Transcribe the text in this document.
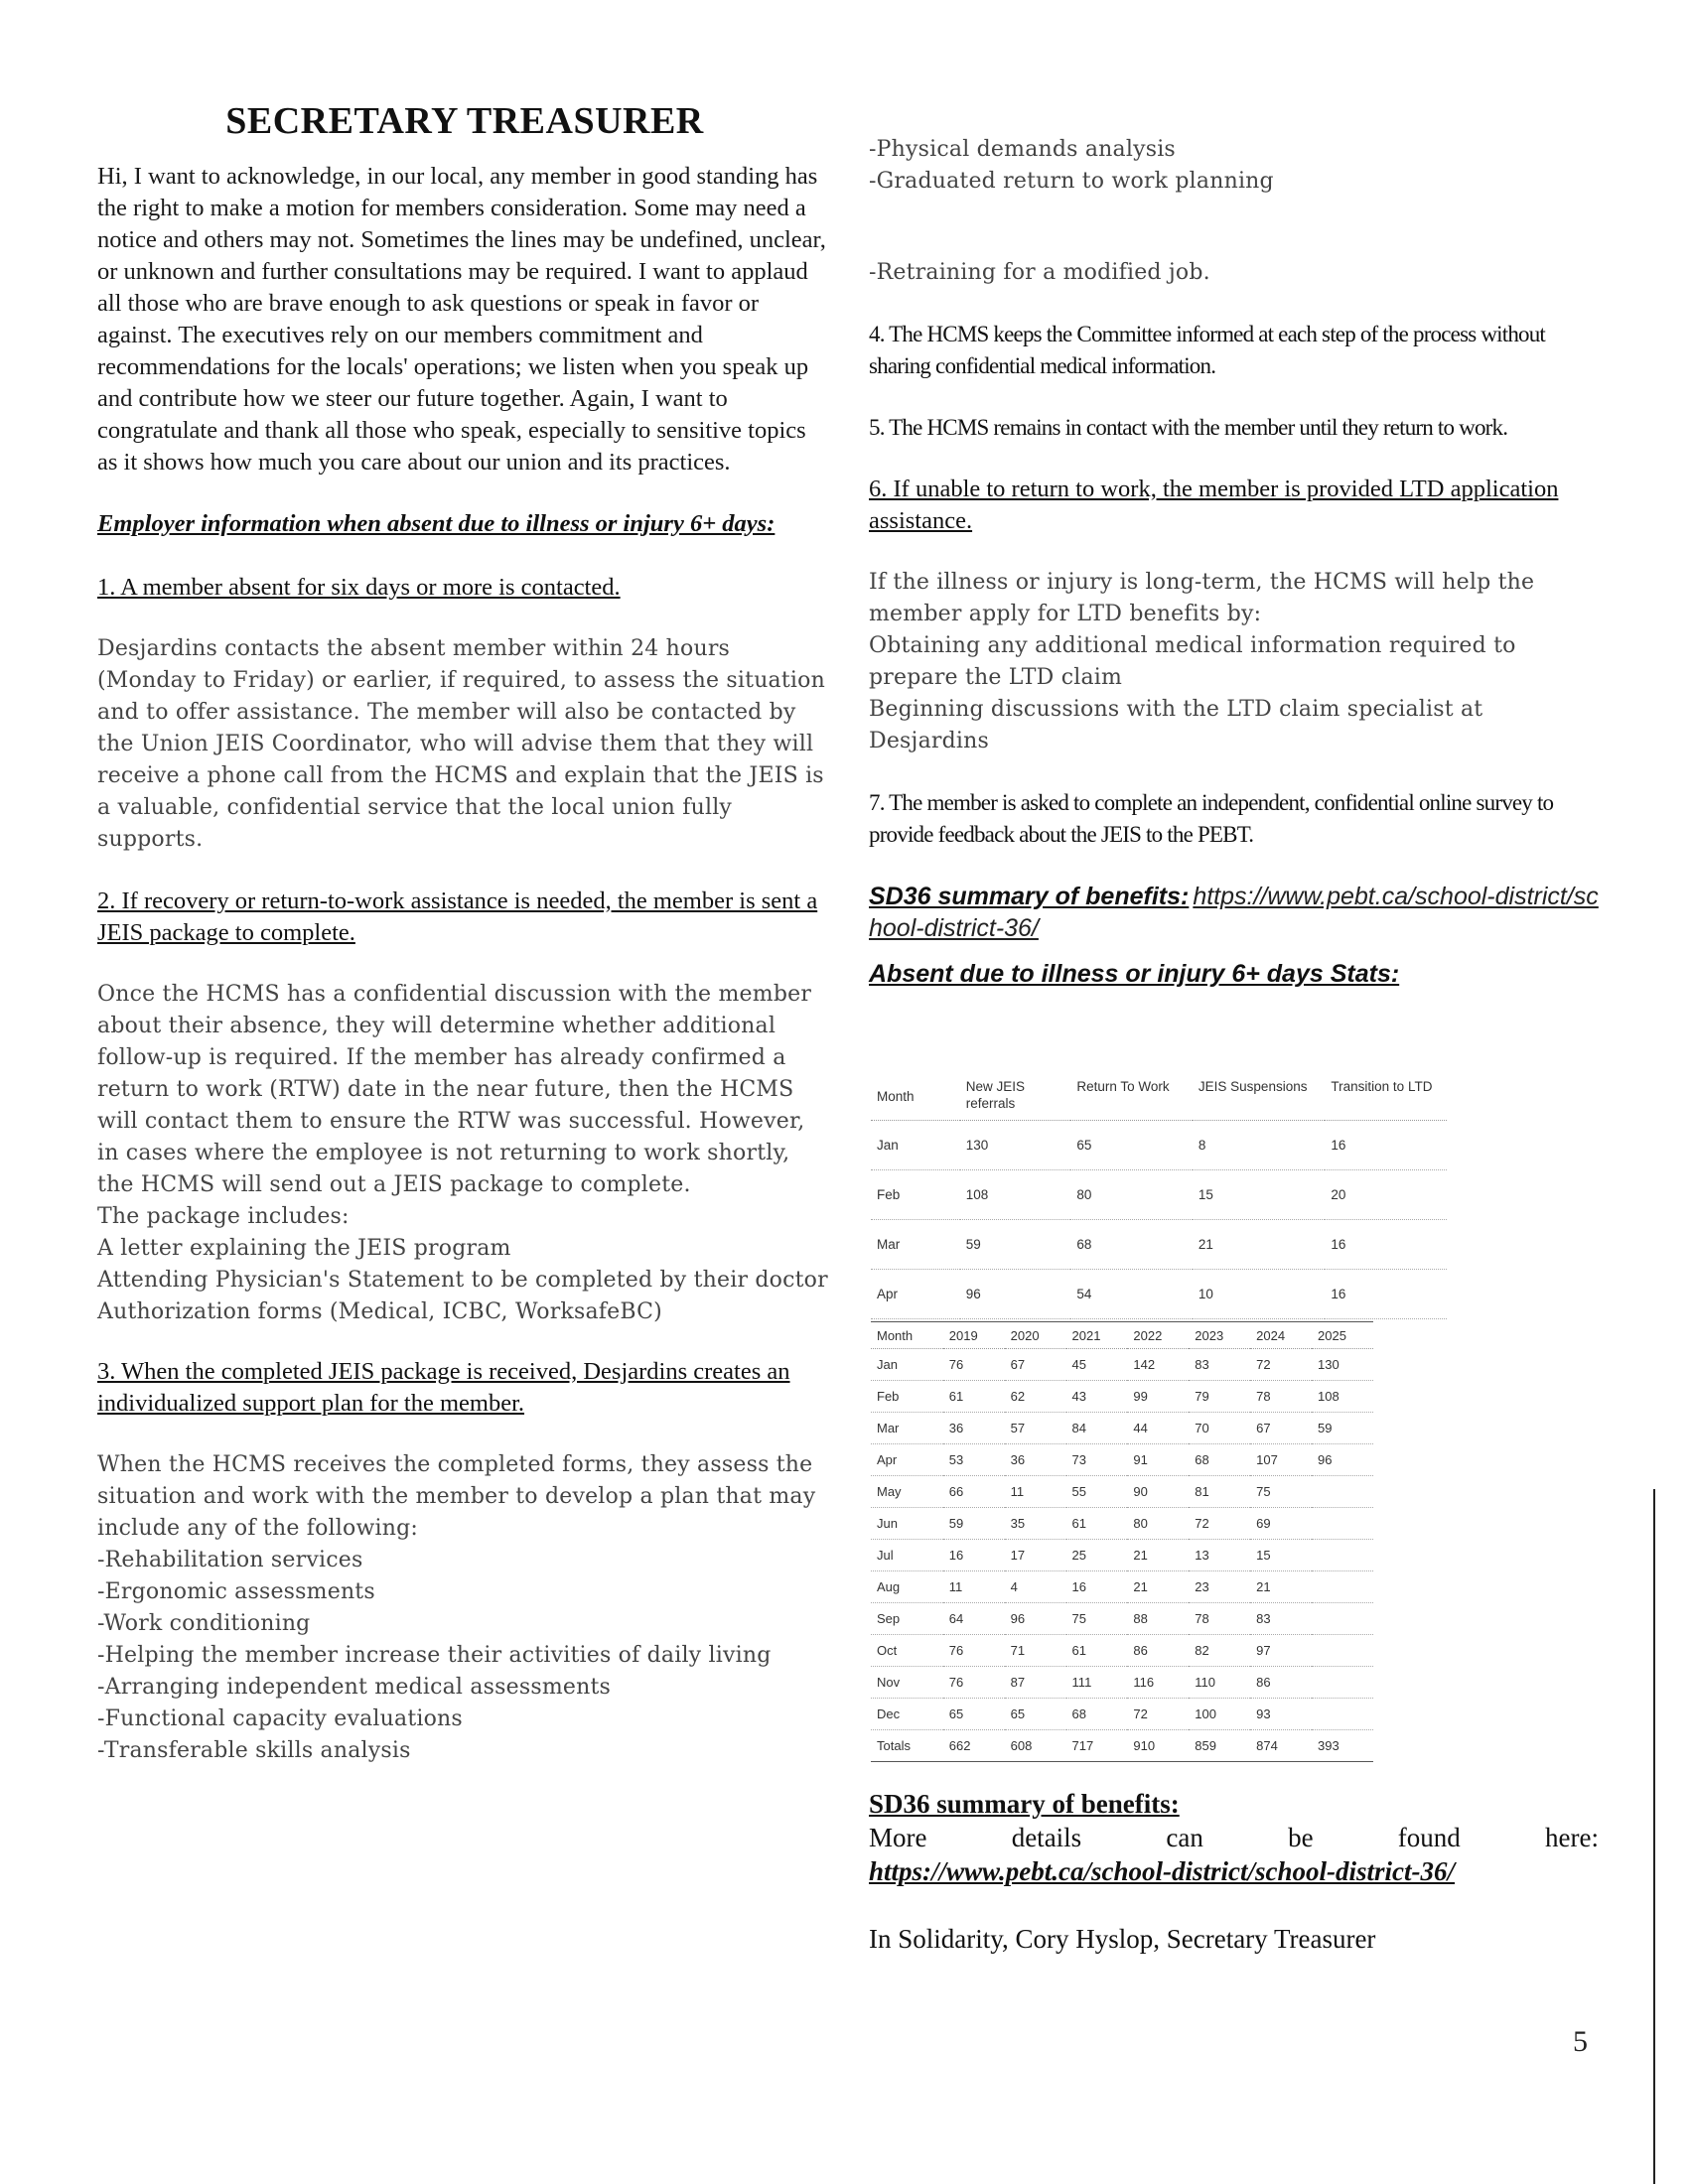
SECRETARY TREASURER

Hi, I want to acknowledge, in our local, any member in good standing has the right to make a motion for members consideration. Some may need a notice and others may not. Sometimes the lines may be undefined, unclear, or unknown and further consultations may be required. I want to applaud all those who are brave enough to ask questions or speak in favor or against. The executives rely on our members commitment and recommendations for the locals' operations; we listen when you speak up and contribute how we steer our future together. Again, I want to congratulate and thank all those who speak, especially to sensitive topics as it shows how much you care about our union and its practices.

Employer information when absent due to illness or injury 6+ days:

1. A member absent for six days or more is contacted.

Desjardins contacts the absent member within 24 hours (Monday to Friday) or earlier, if required, to assess the situation and to offer assistance. The member will also be contacted by the Union JEIS Coordinator, who will advise them that they will receive a phone call from the HCMS and explain that the JEIS is a valuable, confidential service that the local union fully supports.

2. If recovery or return-to-work assistance is needed, the member is sent a JEIS package to complete.

Once the HCMS has a confidential discussion with the member about their absence, they will determine whether additional follow-up is required. If the member has already confirmed a return to work (RTW) date in the near future, then the HCMS will contact them to ensure the RTW was successful. However, in cases where the employee is not returning to work shortly, the HCMS will send out a JEIS package to complete.
The package includes:
A letter explaining the JEIS program
Attending Physician's Statement to be completed by their doctor
Authorization forms (Medical, ICBC, WorksafeBC)

3. When the completed JEIS package is received, Desjardins creates an individualized support plan for the member.

When the HCMS receives the completed forms, they assess the situation and work with the member to develop a plan that may include any of the following:
-Rehabilitation services
-Ergonomic assessments
-Work conditioning
-Helping the member increase their activities of daily living
-Arranging independent medical assessments
-Functional capacity evaluations
-Transferable skills analysis
-Physical demands analysis
-Graduated return to work planning

-Retraining for a modified job.

4. The HCMS keeps the Committee informed at each step of the process without sharing confidential medical information.

5. The HCMS remains in contact with the member until they return to work.

6. If unable to return to work, the member is provided LTD application assistance.

If the illness or injury is long-term, the HCMS will help the member apply for LTD benefits by:
Obtaining any additional medical information required to prepare the LTD claim
Beginning discussions with the LTD claim specialist at Desjardins

7. The member is asked to complete an independent, confidential online survey to provide feedback about the JEIS to the PEBT.

SD36 summary of benefits: https://www.pebt.ca/school-district/school-district-36/
Absent due to illness or injury 6+ days Stats:
Month	New JEIS referrals	Return To Work	JEIS Suspensions	Transition to LTD
Jan	130	65	8	16
Feb	108	80	15	20
Mar	59	68	21	16
Apr	96	54	10	16
Month	2019	2020	2021	2022	2023	2024	2025
Jan	76	67	45	142	83	72	130
Feb	61	62	43	99	79	78	108
Mar	36	57	84	44	70	67	59
Apr	53	36	73	91	68	107	96
May	66	11	55	90	81	75	
Jun	59	35	61	80	72	69	
Jul	16	17	25	21	13	15	
Aug	11	4	16	21	23	21	
Sep	64	96	75	88	78	83	
Oct	76	71	61	86	82	97	
Nov	76	87	111	116	110	86	
Dec	65	65	68	72	100	93	
Totals	662	608	717	910	859	874	393
SD36 summary of benefits:
More	details	can	be	found	here:
https://www.pebt.ca/school-district/school-district-36/
In Solidarity, Cory Hyslop, Secretary Treasurer
5
